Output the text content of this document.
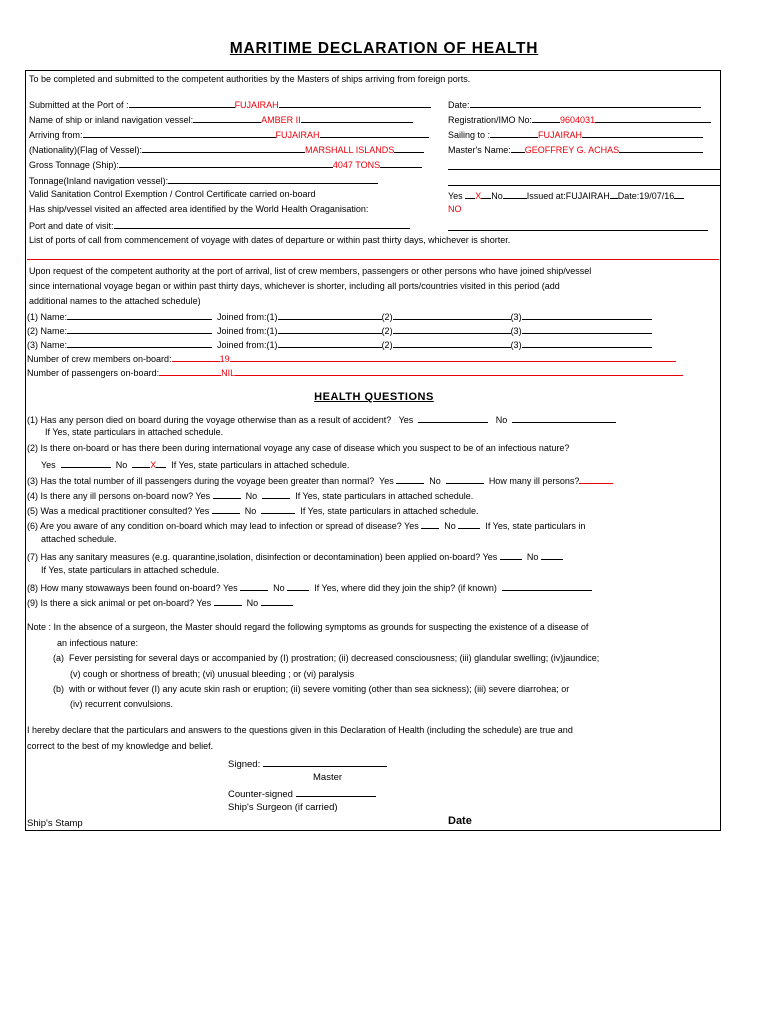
MARITIME DECLARATION OF HEALTH
To be completed and submitted to the competent authorities by the Masters of ships arriving from foreign ports.
Submitted at the Port of :	FUJAIRAH	Date:
Name of ship or inland navigation vessel:	AMBER II	Registration/IMO No:	9604031
Arriving from:	FUJAIRAH	Sailing to :	FUJAIRAH
(Nationality)(Flag of Vessel):	MARSHALL ISLANDS	Master's Name: GEOFFREY G. ACHAS
Gross Tonnage (Ship):	4047 TONS
Tonnage(Inland navigation vessel):
Valid Sanitation Control Exemption / Control Certificate carried on-board	Yes X No	Issued at:FUJAIRAH Date:19/07/16
Has ship/vessel visited an affected area identified by the World Health Oraganisation:	NO
Port and date of visit:
List of ports of call from commencement of voyage with dates of departure or within past thirty days, whichever is shorter.
Upon request of the competent authority at the port of arrival, list of crew members, passengers or other persons who have joined ship/vessel
since international voyage began or within past thirty days, whichever is shorter, including all ports/countries visited in this period (add
additional names to the attached schedule)
(1) Name:	Joined from:(1)	(2)	(3)
(2) Name:	Joined from:(1)	(2)	(3)
(3) Name:	Joined from:(1)	(2)	(3)
Number of crew members on-board:	19
Number of passengers on-board:	NIL
HEALTH QUESTIONS
(1) Has any person died on board during the voyage otherwise than as a result of accident? Yes	No
If Yes, state particulars in attached schedule.
(2) Is there on-board or has there been during international voyage any case of disease which you suspect to be of an infectious nature?
Yes	No	X If Yes, state particulars in attached schedule.
(3) Has the total number of ill passengers during the voyage been greater than normal? Yes	No	How many ill persons?
(4) Is there any ill persons on-board now? Yes	No	If Yes, state particulars in attached schedule.
(5) Was a medical practitioner consulted? Yes	No	If Yes, state particulars in attached schedule.
(6) Are you aware of any condition on-board which may lead to infection or spread of disease? Yes	No	If Yes, state particulars in
attached schedule.
(7) Has any sanitary measures (e.g. quarantine,isolation, disinfection or decontamination) been applied on-board? Yes	No
If Yes, state particulars in attached schedule.
(8) How many stowaways been found on-board? Yes	No	If Yes, where did they join the ship? (if known)
(9) Is there a sick animal or pet on-board? Yes	No
Note : In the absence of a surgeon, the Master should regard the following symptoms as grounds for suspecting the existence of a disease of
an infectious nature:
(a)  Fever persisting for several days or accompanied by (I) prostration; (ii) decreased consciousness; (iii) glandular swelling; (iv)jaundice;
(v) cough or shortness of breath; (vi) unusual bleeding ; or (vi) paralysis
(b)  with or without fever (I) any acute skin rash or eruption; (ii) severe vomiting (other than sea sickness); (iii) severe diarrohea; or
(iv) recurrent convulsions.
I hereby declare that the particulars and answers to the questions given in this Declaration of Health (including the schedule) are true and
correct to the best of my knowledge and belief.
Signed:
Master
Counter-signed
Ship's Surgeon (if carried)
Ship's Stamp	Date
